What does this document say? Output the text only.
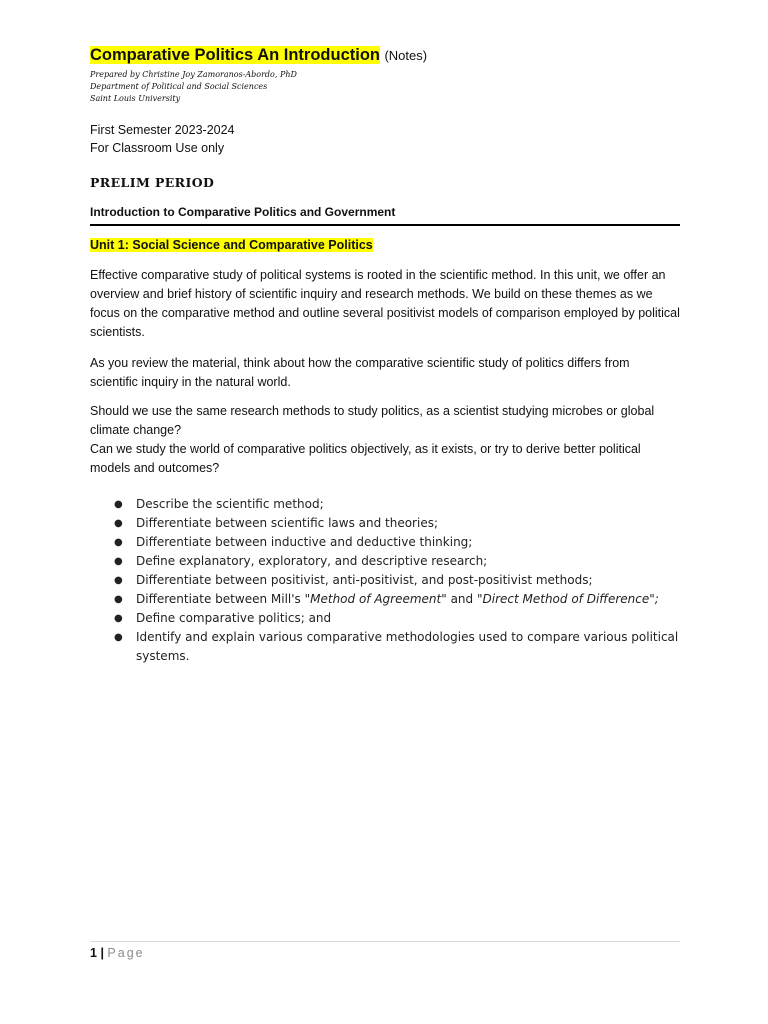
Comparative Politics An Introduction (Notes)
Prepared by Christine Joy Zamoranos-Abordo, PhD
Department of Political and Social Sciences
Saint Louis University
First Semester 2023-2024
For Classroom Use only
PRELIM PERIOD
Introduction to Comparative Politics and Government
Unit 1: Social Science and Comparative Politics

Effective comparative study of political systems is rooted in the scientific method. In this unit, we offer an overview and brief history of scientific inquiry and research methods. We build on these themes as we focus on the comparative method and outline several positivist models of comparison employed by political scientists.

As you review the material, think about how the comparative scientific study of politics differs from scientific inquiry in the natural world.

Should we use the same research methods to study politics, as a scientist studying microbes or global climate change?
Can we study the world of comparative politics objectively, as it exists, or try to derive better political models and outcomes?

● Describe the scientific method;
● Differentiate between scientific laws and theories;
● Differentiate between inductive and deductive thinking;
● Define explanatory, exploratory, and descriptive research;
● Differentiate between positivist, anti-positivist, and post-positivist methods;
● Differentiate between Mill's "Method of Agreement" and "Direct Method of Difference";
● Define comparative politics; and
● Identify and explain various comparative methodologies used to compare various political systems.
1 | Page
